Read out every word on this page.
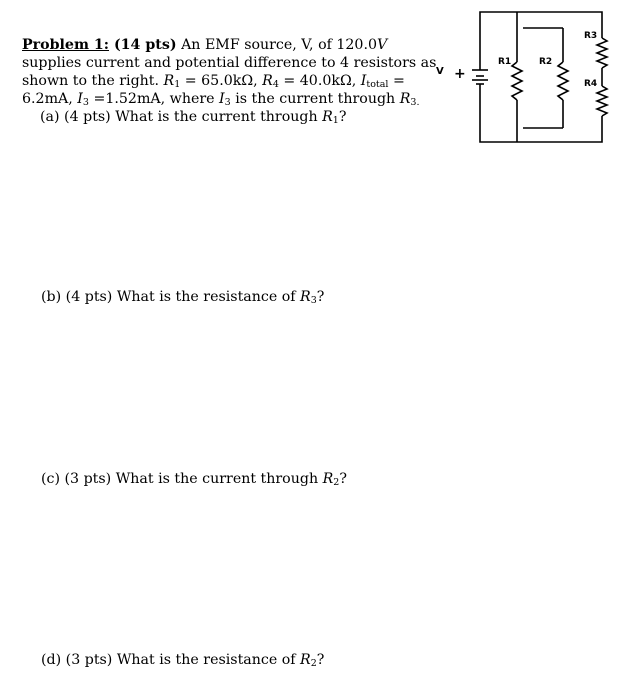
Problem 1: (14 pts) An EMF source, V, of 120.0V supplies current and potential difference to 4 resistors as shown to the right. $R_1 = 65.0k\Omega$, $R_4 = 40.0k\Omega$, $I_{total} = 6.2mA$, $I_3 =1.52mA$, where $I_3$ is the current through $R_{3.}$
(a) (4 pts) What is the current through $R_1$?
(b) (4 pts) What is the resistance of $R_3$?
(c) (3 pts) What is the current through $R_2$?
(d) (3 pts) What is the resistance of $R_2$?
V +
R1	R2
R3
R4
